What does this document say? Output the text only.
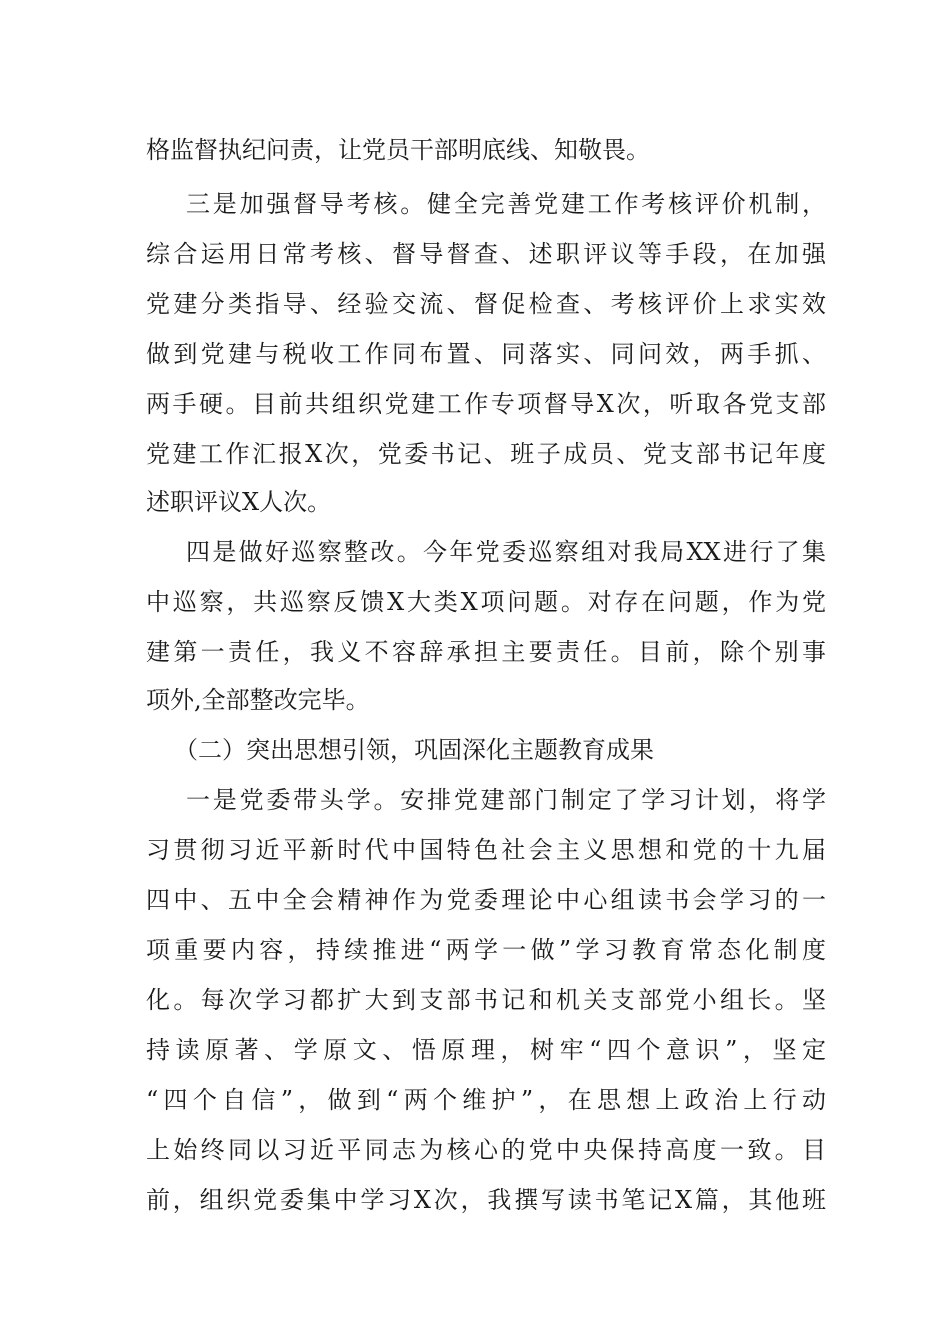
格监督执纪问责，让党员干部明底线、知敬畏。
三是加强督导考核。健全完善党建工作考核评价机制，
综合运用日常考核、督导督查、述职评议等手段，在加强
党建分类指导、经验交流、督促检查、考核评价上求实效
做到党建与税收工作同布置、同落实、同问效，两手抓、
两手硬。目前共组织党建工作专项督导X次，听取各党支部
党建工作汇报X次，党委书记、班子成员、党支部书记年度
述职评议X人次。
四是做好巡察整改。今年党委巡察组对我局XX进行了集
中巡察，共巡察反馈X大类X项问题。对存在问题，作为党
建第一责任，我义不容辞承担主要责任。目前，除个别事
项外,全部整改完毕。
（二）突出思想引领，巩固深化主题教育成果
一是党委带头学。安排党建部门制定了学习计划，将学
习贯彻习近平新时代中国特色社会主义思想和党的十九届
四中、五中全会精神作为党委理论中心组读书会学习的一
项重要内容，持续推进“两学一做”学习教育常态化制度
化。每次学习都扩大到支部书记和机关支部党小组长。坚
持读原著、学原文、悟原理，树牢“四个意识”，坚定
“四个自信”，做到“两个维护”，在思想上政治上行动
上始终同以习近平同志为核心的党中央保持高度一致。目
前，组织党委集中学习X次，我撰写读书笔记X篇，其他班
